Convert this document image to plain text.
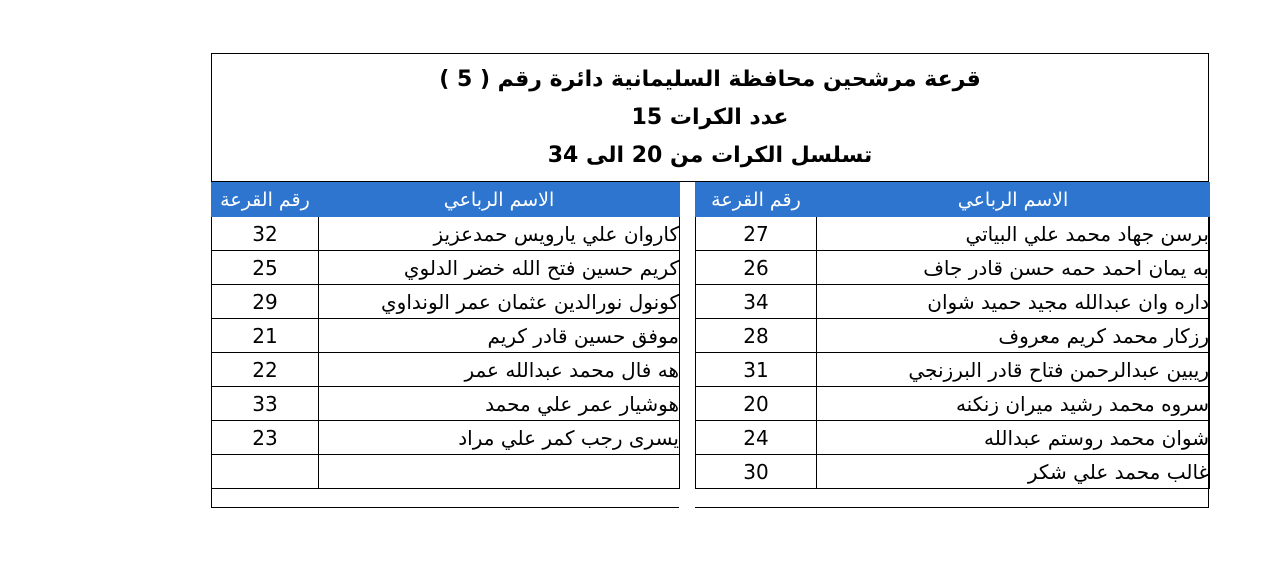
قرعة مرشحين محافظة السليمانية دائرة رقم ( 5 )
عدد الكرات 15
تسلسل الكرات من 20 الى 34
الاسم الرباعي	رقم القرعة
برسن جهاد محمد علي البياتي	27
به يمان احمد حمه حسن قادر جاف	26
داره وان عبدالله مجيد حميد شوان	34
رزكار محمد كريم معروف	28
ريبين عبدالرحمن فتاح قادر البرزنجي	31
سروه محمد رشيد ميران زنكنه	20
شوان محمد روستم عبدالله	24
غالب محمد علي شكر	30
الاسم الرباعي	رقم القرعة
كاروان علي يارويس حمدعزيز	32
كريم حسين فتح الله خضر الدلوي	25
كونول نورالدين عثمان عمر الونداوي	29
موفق حسين قادر كريم	21
هه فال محمد عبدالله عمر	22
هوشيار عمر علي محمد	33
يسرى رجب كمر علي مراد	23
